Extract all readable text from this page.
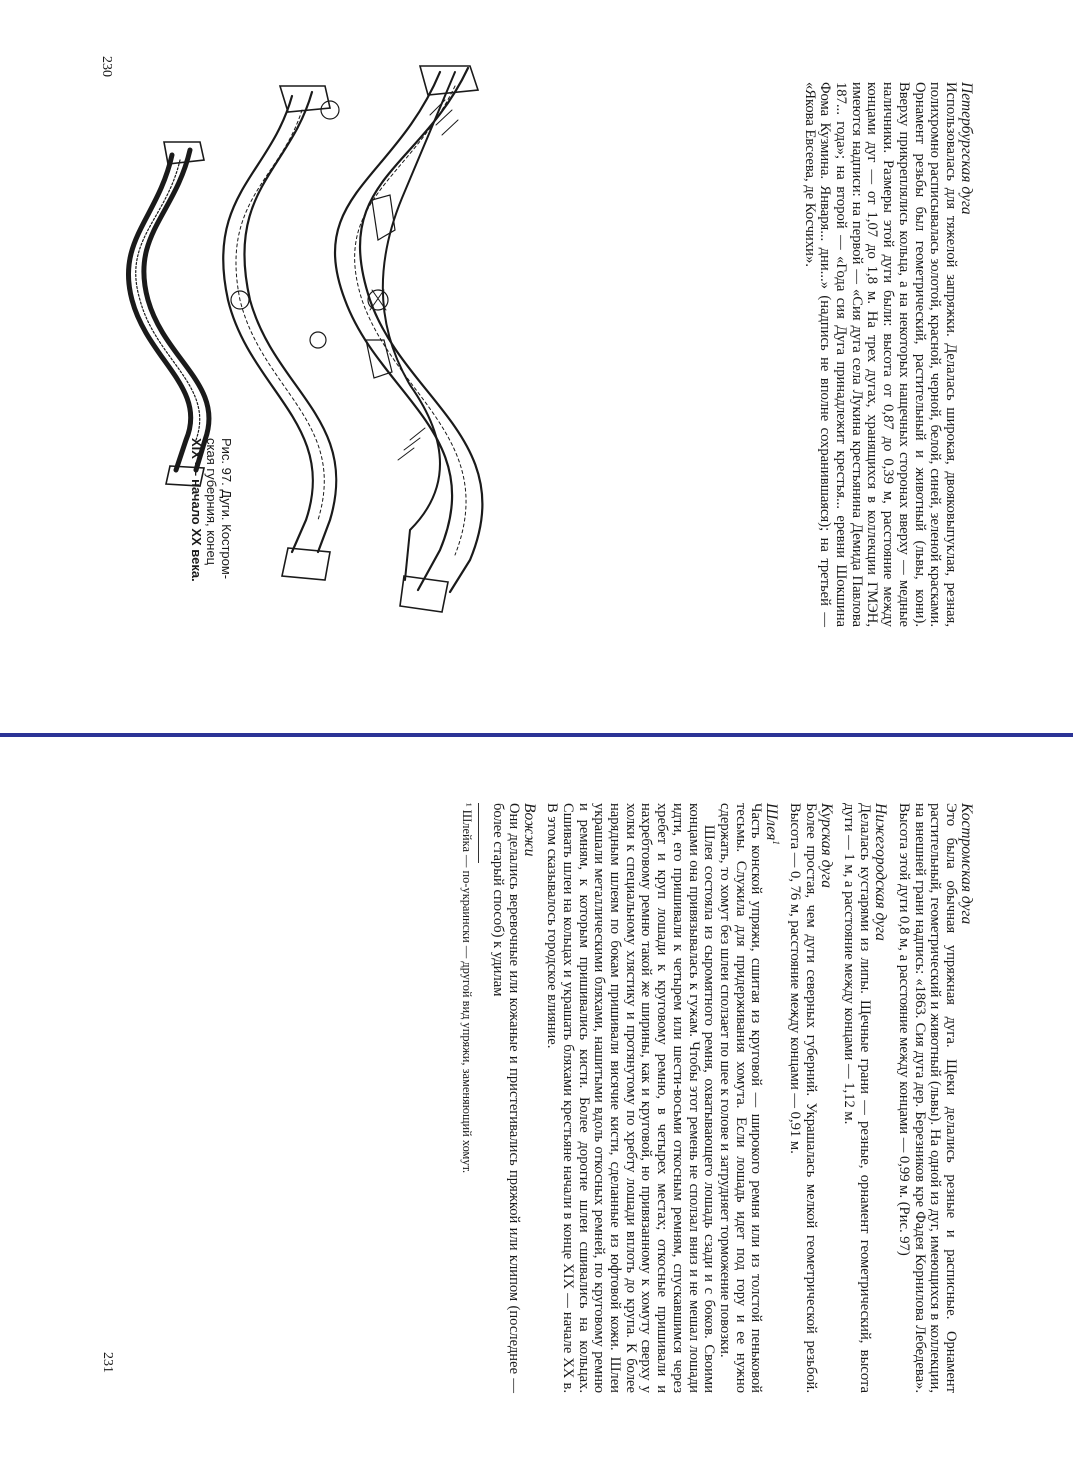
230

Петербургская дуга

Использовалась для тяжелой запряжки. Делалась широкая, двояковыпуклая, резная, полихромно расписывалась золотой, красной, черной, белой, синей, зеленой красками. Орнамент резьбы был геометрический, растительный и животный (львы, кони). Вверху прикреплялись кольца, а на некоторых нащечных сторонах вверху — медные наличники. Размеры этой дуги были: высота от 0,87 до 0,39 м, расстояние между концами дуг — от 1,07 до 1,8 м. На трех дугах, хранящихся в коллекции ГМЭН, имеются надписи: на первой — «Сия дуга села Лукина крестьянина Демида Павлова 187... года»; на второй — «Года сия Дуга принадлежит крестья... еревни Шокшина Фома Кузмина. Января... дни...» (надпись не вполне сохранившаяся); на третьей — «Якова Евсеева, де Косчихи».

Рис. 97. Дуги. Костром-
ская губерния, конец
XIX — начало XX века.

Костромская дуга

Это была обычная упряжная дуга. Щеки делались резные и расписные. Орнамент растительный, геометрический и животный (львы). На одной из дуг, имеющихся в коллекции, на внешней грани надпись: «1863. Сия дуга дер. Березников кре Фадея Корнилова Лебедева». Высота этой дуги 0,8 м, а расстояние между концами — 0,99 м. (Рис. 97)

Нижегородская дуга

Делалась кустарями из липы. Щечные грани — резные, орнамент геометрический, высота дуги — 1 м, а расстояние между концами — 1,12 м.

Курская дуга

Более простая, чем дуги северных губерний. Украшалась мелкой геометрической резьбой. Высота — 0, 76 м, расстояние между концами — 0,91 м.

Шлея$^1$

Часть конской упряжи, сшитая из круговой — широкого ремня или из толстой пеньковой тесьмы. Служила для придерживания хомута. Если лошадь идет под гору и ее нужно сдержать, то хомут без шлеи сползает по шее к голове и затрудняет торможение повозки.

Шлея состояла из сыромятного ремня, охватывающего лошадь сзади и с боков. Своими концами она привязывалась к гужам. Чтобы этот ремень не сползал вниз и не мешал лошади идти, его пришивали к четырем или шести-восьми откосным ремням, спускавшимся через хребет и круп лошади к круговому ремню, в четырех местах; откосные пришивали и нахребтовому ремню такой же ширины, как и круговой, но привязанному к хомуту сверху у холки к специальному хлястику и протянутому по хребту лошади вплоть до крупа. К более нарядным шлеям по бокам пришивали висячие кисти, сделанные из юфтовой кожи. Шлеи украшали металлическими бляхами, нашитыми вдоль откосных ремней, по круговому ремню и ремням, к которым пришивались кисти. Более дорогие шлеи сшивались на кольцах. Сшивать шлеи на кольцах и украшать бляхами крестьяне начали в конце XIX — начале XX в. В этом сказывалось городское влияние.

Вожжи

Они делались веревочные или кожаные и пристегивались пряжкой или клипом (последнее — более старый способ) к удилам

¹ Шлейка — по-украински — другой вид упряжи, заменяющий хомут.
231
